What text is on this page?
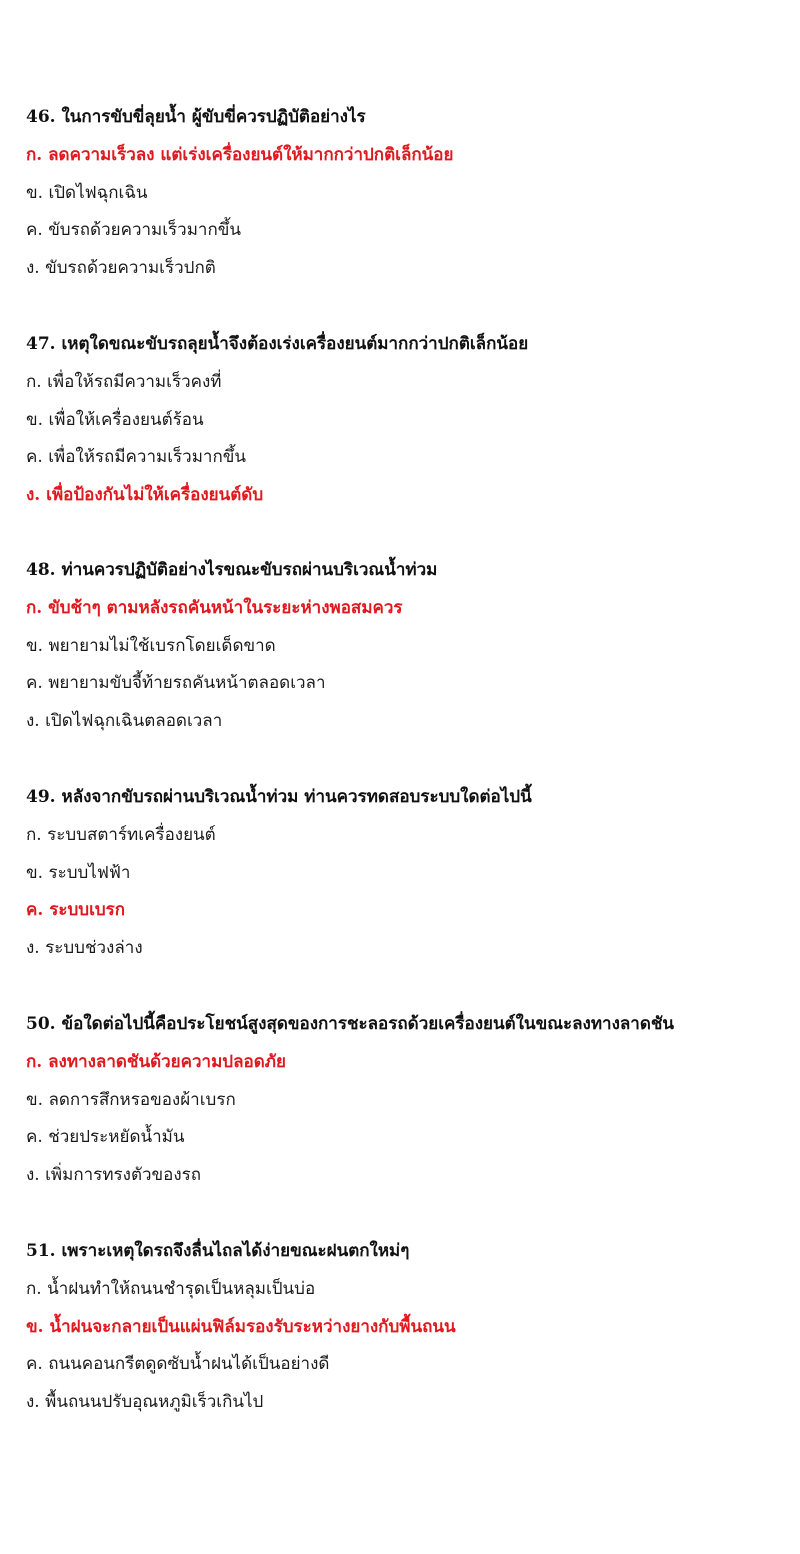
46. ในการขับขี่ลุยน้ำ ผู้ขับขี่ควรปฏิบัติอย่างไร
ก. ลดความเร็วลง แต่เร่งเครื่องยนต์ให้มากกว่าปกติเล็กน้อย
ข. เปิดไฟฉุกเฉิน
ค. ขับรถด้วยความเร็วมากขึ้น
ง. ขับรถด้วยความเร็วปกติ
47. เหตุใดขณะขับรถลุยน้ำจึงต้องเร่งเครื่องยนต์มากกว่าปกติเล็กน้อย
ก. เพื่อให้รถมีความเร็วคงที่
ข. เพื่อให้เครื่องยนต์ร้อน
ค. เพื่อให้รถมีความเร็วมากขึ้น
ง. เพื่อป้องกันไม่ให้เครื่องยนต์ดับ
48. ท่านควรปฏิบัติอย่างไรขณะขับรถผ่านบริเวณน้ำท่วม
ก. ขับช้าๆ ตามหลังรถคันหน้าในระยะห่างพอสมควร
ข. พยายามไม่ใช้เบรกโดยเด็ดขาด
ค. พยายามขับจี้ท้ายรถคันหน้าตลอดเวลา
ง. เปิดไฟฉุกเฉินตลอดเวลา
49. หลังจากขับรถผ่านบริเวณน้ำท่วม ท่านควรทดสอบระบบใดต่อไปนี้
ก. ระบบสตาร์ทเครื่องยนต์
ข. ระบบไฟฟ้า
ค. ระบบเบรก
ง. ระบบช่วงล่าง
50. ข้อใดต่อไปนี้คือประโยชน์สูงสุดของการชะลอรถด้วยเครื่องยนต์ในขณะลงทางลาดชัน
ก. ลงทางลาดชันด้วยความปลอดภัย
ข. ลดการสึกหรอของผ้าเบรก
ค. ช่วยประหยัดน้ำมัน
ง. เพิ่มการทรงตัวของรถ
51. เพราะเหตุใดรถจึงลื่นไถลได้ง่ายขณะฝนตกใหม่ๆ
ก. น้ำฝนทำให้ถนนชำรุดเป็นหลุมเป็นบ่อ
ข. น้ำฝนจะกลายเป็นแผ่นฟิล์มรองรับระหว่างยางกับพื้นถนน
ค. ถนนคอนกรีตดูดซับน้ำฝนได้เป็นอย่างดี
ง. พื้นถนนปรับอุณหภูมิเร็วเกินไป
